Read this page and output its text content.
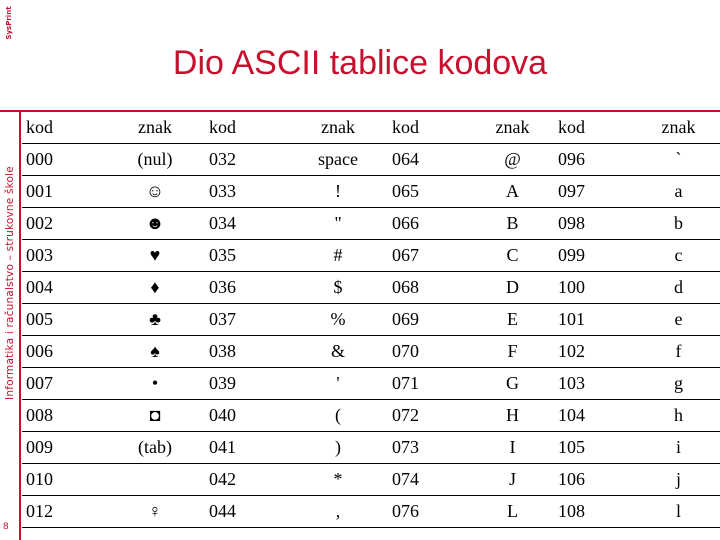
SysPrint
Informatika i računalstvo – strukovne škole
8
Dio ASCII tablice kodova
kod	znak	kod	znak	kod	znak	kod	znak
000	(nul)	032	space	064	@	096	`
001	☺	033	!	065	A	097	a
002	☻	034	"	066	B	098	b
003	♥	035	#	067	C	099	c
004	♦	036	$	068	D	100	d
005	♣	037	%	069	E	101	e
006	♠	038	&	070	F	102	f
007	•	039	'	071	G	103	g
008	◘	040	(	072	H	104	h
009	(tab)	041	)	073	I	105	i
010		042	*	074	J	106	j
012	♀	044	,	076	L	108	l
